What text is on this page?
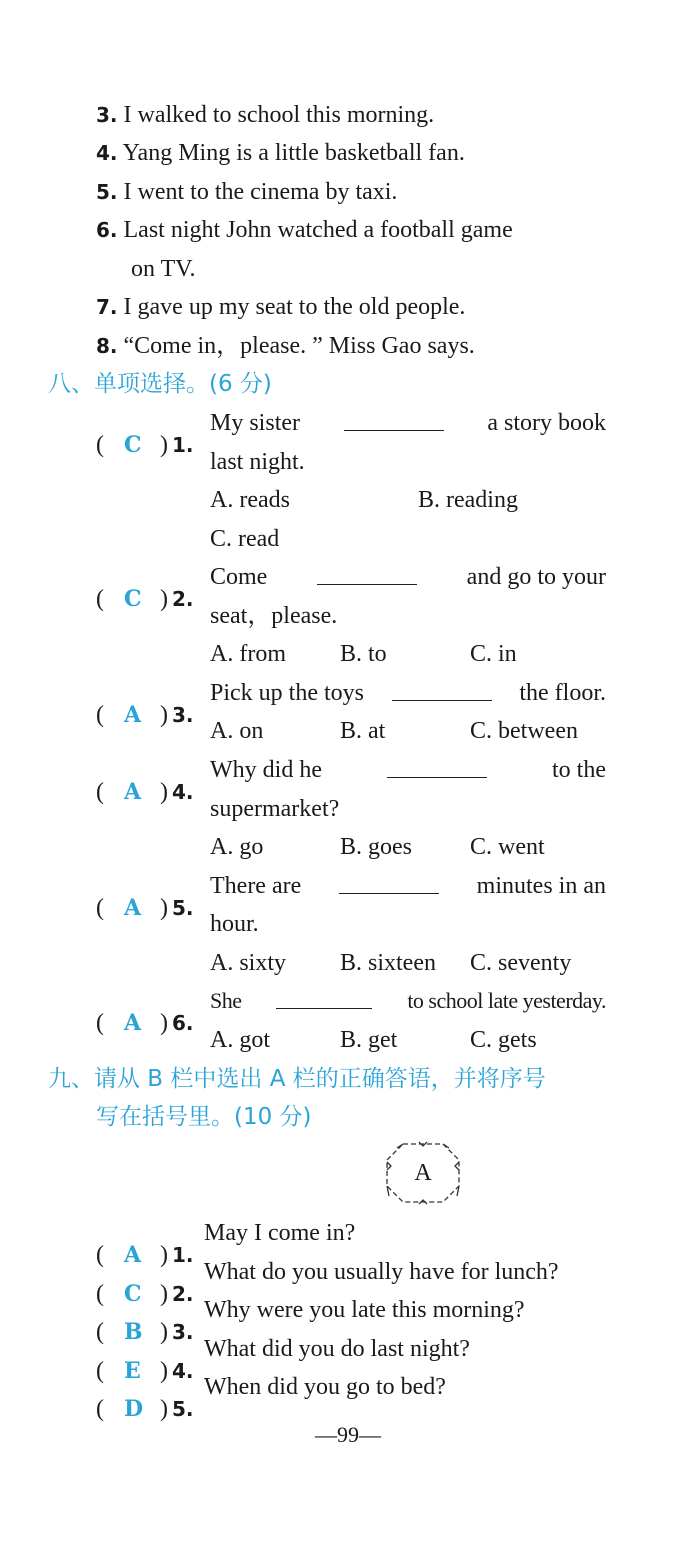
3. I walked to school this morning.
4. Yang Ming is a little basketball fan.
5. I went to the cinema by taxi.
6. Last night John watched a football game
on TV.
7. I gave up my seat to the old people.
8. “Come in，please. ” Miss Gao says.
八、单项选择。(6 分)
( C ) 1.
My sister	a story book
last night.
A. reads	B. reading
C. read
( C ) 2.
Come	and go to your
seat，please.
A. from B. to	C. in
( A ) 3.
Pick up the toys	the floor.
A. on	B. at	C. between
( A ) 4.
Why did he	to the
supermarket?
A. go	B. goes C. went
( A ) 5.
There are	minutes in an
hour.
A. sixty B. sixteen C. seventy
( A ) 6.
She	to school late yesterday.
A. got	B. get	C. gets
九、请从 B 栏中选出 A 栏的正确答语，并将序号
写在括号里。(10 分)
A
( A ) 1.
May I come in?
( C ) 2.
What do you usually have for lunch?
( B ) 3.
Why were you late this morning?
( E ) 4.
What did you do last night?
( D ) 5.
When did you go to bed?
—99—
